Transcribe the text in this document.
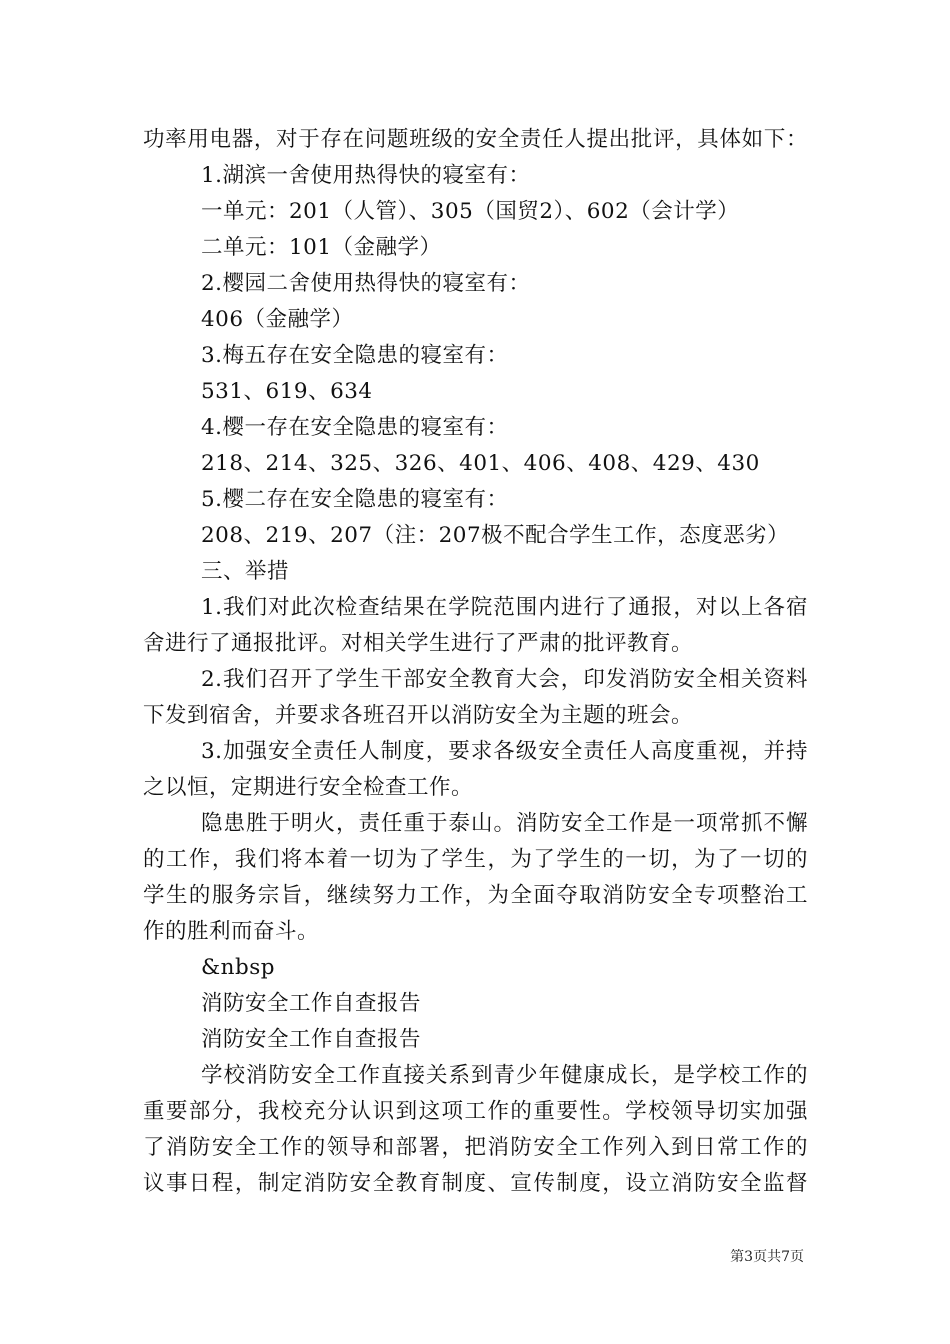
功率用电器，对于存在问题班级的安全责任人提出批评，具体如下：
1.湖滨一舍使用热得快的寝室有：
一单元：201（人管）、305（国贸2）、602（会计学）
二单元：101（金融学）
2.樱园二舍使用热得快的寝室有：
406（金融学）
3.梅五存在安全隐患的寝室有：
531、619、634
4.樱一存在安全隐患的寝室有：
218、214、325、326、401、406、408、429、430
5.樱二存在安全隐患的寝室有：
208、219、207（注：207极不配合学生工作，态度恶劣）
三、举措
1.我们对此次检查结果在学院范围内进行了通报，对以上各宿
舍进行了通报批评。对相关学生进行了严肃的批评教育。
2.我们召开了学生干部安全教育大会，印发消防安全相关资料
下发到宿舍，并要求各班召开以消防安全为主题的班会。
3.加强安全责任人制度，要求各级安全责任人高度重视，并持
之以恒，定期进行安全检查工作。
隐患胜于明火，责任重于泰山。消防安全工作是一项常抓不懈
的工作，我们将本着一切为了学生，为了学生的一切，为了一切的
学生的服务宗旨，继续努力工作，为全面夺取消防安全专项整治工
作的胜利而奋斗。
&nbsp
消防安全工作自查报告
消防安全工作自查报告
学校消防安全工作直接关系到青少年健康成长，是学校工作的
重要部分，我校充分认识到这项工作的重要性。学校领导切实加强
了消防安全工作的领导和部署，把消防安全工作列入到日常工作的
议事日程，制定消防安全教育制度、宣传制度，设立消防安全监督
第3页共7页
